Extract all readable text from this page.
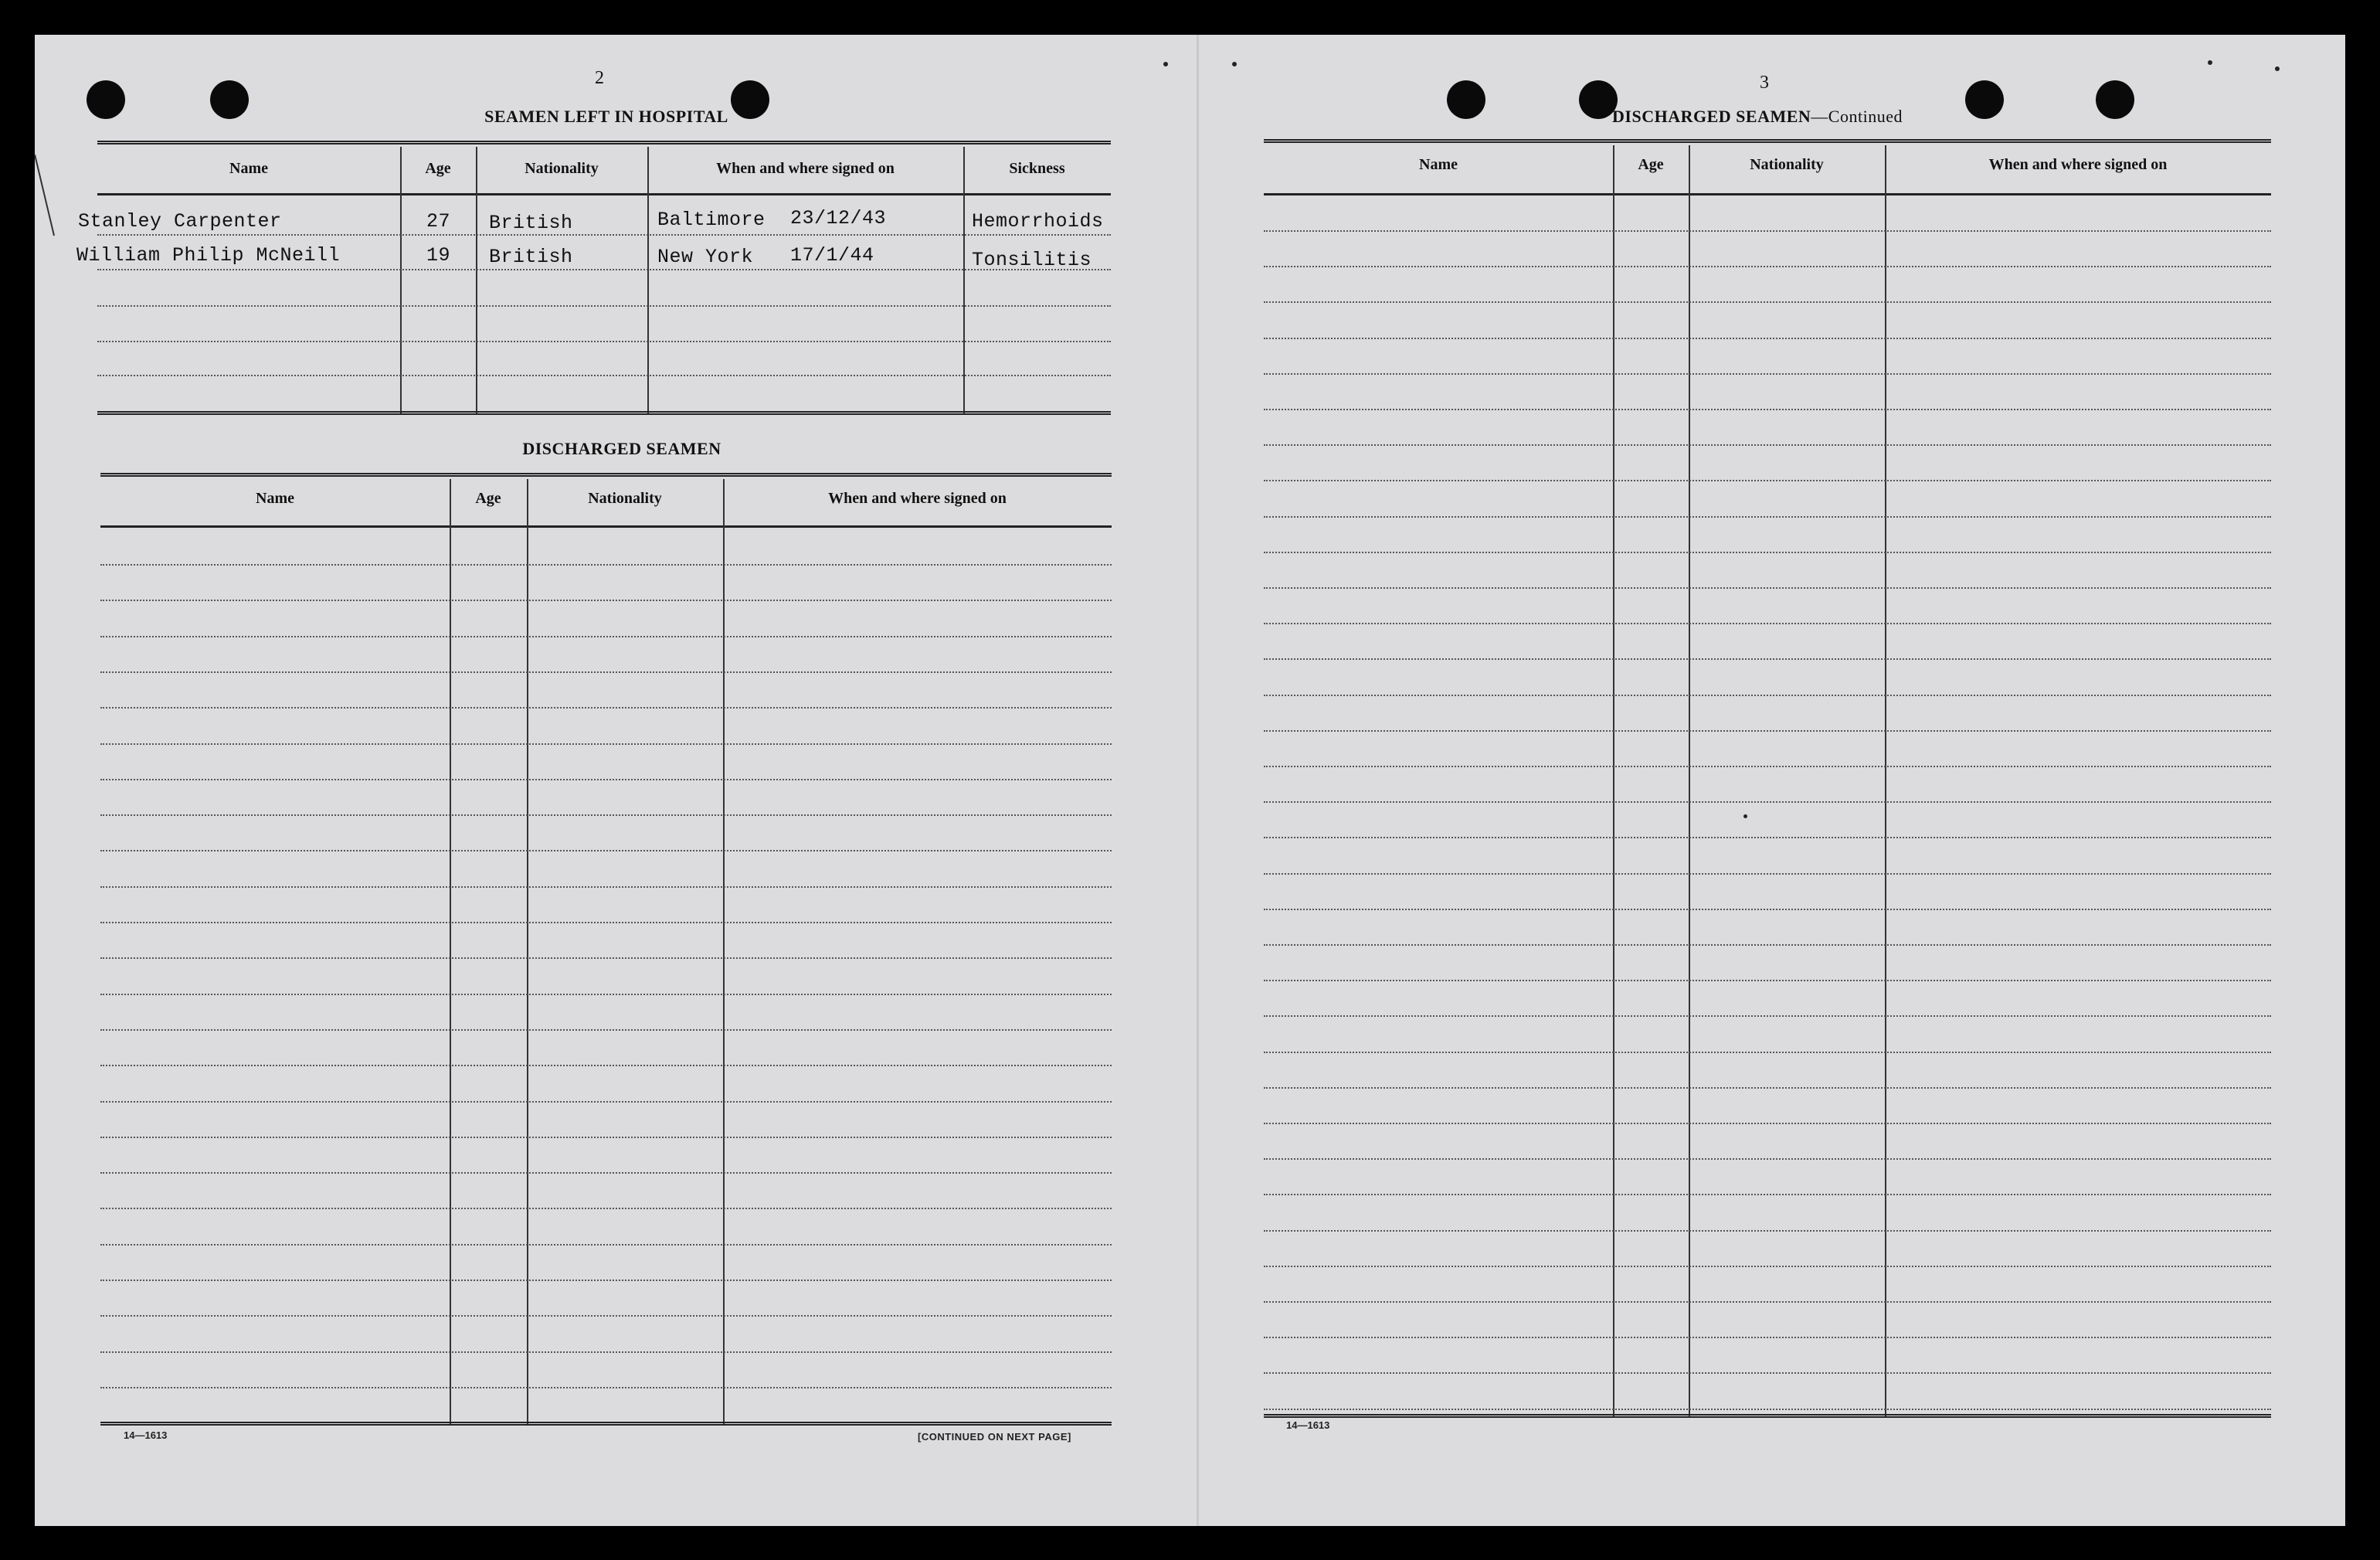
2
SEAMEN LEFT IN HOSPITAL
Name	Age	Nationality	When and where signed on	Sickness
Stanley Carpenter	27 British	Baltimore 23/12/43	Hemorrhoids
William Philip McNeill	19 British	New York 17/1/44	Tonsilitis
DISCHARGED SEAMEN
Name	Age	Nationality	When and where signed on
14—1613	[CONTINUED ON NEXT PAGE]
3
DISCHARGED SEAMEN—Continued
Name	Age	Nationality	When and where signed on
14—1613
